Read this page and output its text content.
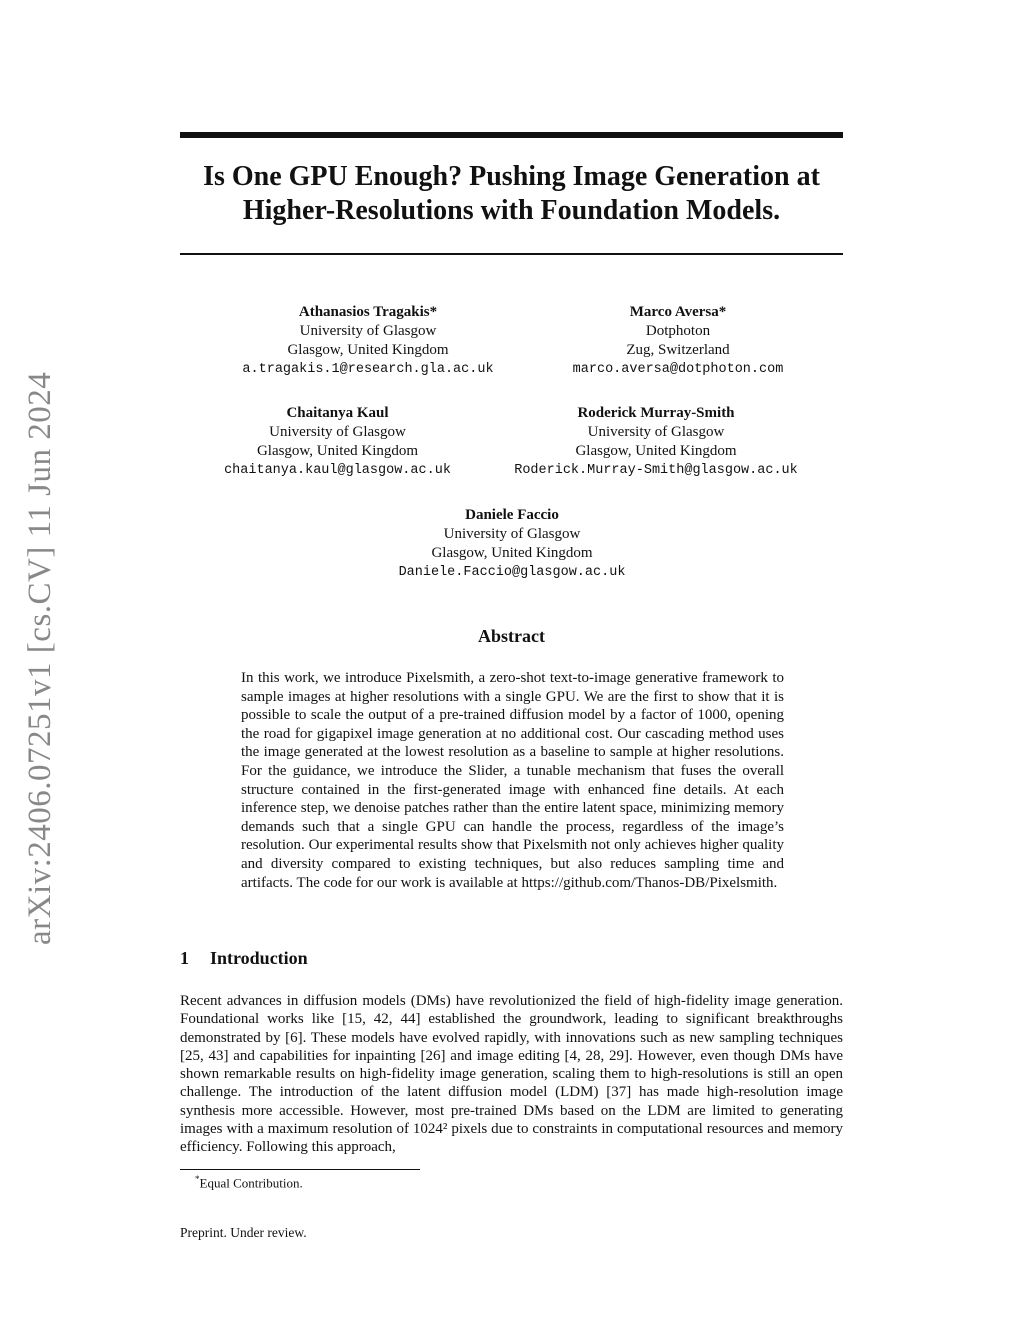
arXiv:2406.07251v1 [cs.CV] 11 Jun 2024
Is One GPU Enough? Pushing Image Generation at Higher-Resolutions with Foundation Models.
Athanasios Tragakis*
University of Glasgow
Glasgow, United Kingdom
a.tragakis.1@research.gla.ac.uk
Marco Aversa*
Dotphoton
Zug, Switzerland
marco.aversa@dotphoton.com
Chaitanya Kaul
University of Glasgow
Glasgow, United Kingdom
chaitanya.kaul@glasgow.ac.uk
Roderick Murray-Smith
University of Glasgow
Glasgow, United Kingdom
Roderick.Murray-Smith@glasgow.ac.uk
Daniele Faccio
University of Glasgow
Glasgow, United Kingdom
Daniele.Faccio@glasgow.ac.uk
Abstract

In this work, we introduce Pixelsmith, a zero-shot text-to-image generative framework to sample images at higher resolutions with a single GPU. We are the first to show that it is possible to scale the output of a pre-trained diffusion model by a factor of 1000, opening the road for gigapixel image generation at no additional cost. Our cascading method uses the image generated at the lowest resolution as a baseline to sample at higher resolutions. For the guidance, we introduce the Slider, a tunable mechanism that fuses the overall structure contained in the first-generated image with enhanced fine details. At each inference step, we denoise patches rather than the entire latent space, minimizing memory demands such that a single GPU can handle the process, regardless of the image’s resolution. Our experimental results show that Pixelsmith not only achieves higher quality and diversity compared to existing techniques, but also reduces sampling time and artifacts. The code for our work is available at https://github.com/Thanos-DB/Pixelsmith.

1 Introduction

Recent advances in diffusion models (DMs) have revolutionized the field of high-fidelity image generation. Foundational works like [15, 42, 44] established the groundwork, leading to significant breakthroughs demonstrated by [6]. These models have evolved rapidly, with innovations such as new sampling techniques [25, 43] and capabilities for inpainting [26] and image editing [4, 28, 29]. However, even though DMs have shown remarkable results on high-fidelity image generation, scaling them to high-resolutions is still an open challenge. The introduction of the latent diffusion model (LDM) [37] has made high-resolution image synthesis more accessible. However, most pre-trained DMs based on the LDM are limited to generating images with a maximum resolution of 1024² pixels due to constraints in computational resources and memory efficiency. Following this approach,

*Equal Contribution.
Preprint. Under review.
